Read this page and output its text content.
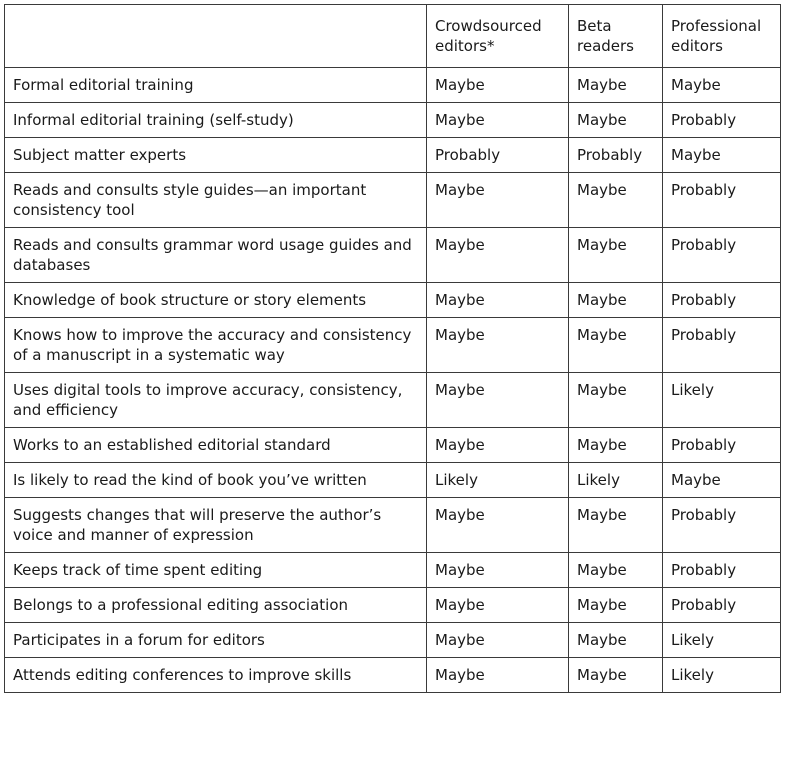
	Crowdsourced editors*	Beta readers	Professional editors
Formal editorial training	Maybe	Maybe	Maybe
Informal editorial training (self-study)	Maybe	Maybe	Probably
Subject matter experts	Probably	Probably	Maybe
Reads and consults style guides—an important consistency tool	Maybe	Maybe	Probably
Reads and consults grammar word usage guides and databases	Maybe	Maybe	Probably
Knowledge of book structure or story elements	Maybe	Maybe	Probably
Knows how to improve the accuracy and consistency of a manuscript in a systematic way	Maybe	Maybe	Probably
Uses digital tools to improve accuracy, consistency, and efficiency	Maybe	Maybe	Likely
Works to an established editorial standard	Maybe	Maybe	Probably
Is likely to read the kind of book you’ve written	Likely	Likely	Maybe
Suggests changes that will preserve the author’s voice and manner of expression	Maybe	Maybe	Probably
Keeps track of time spent editing	Maybe	Maybe	Probably
Belongs to a professional editing association	Maybe	Maybe	Probably
Participates in a forum for editors	Maybe	Maybe	Likely
Attends editing conferences to improve skills	Maybe	Maybe	Likely
